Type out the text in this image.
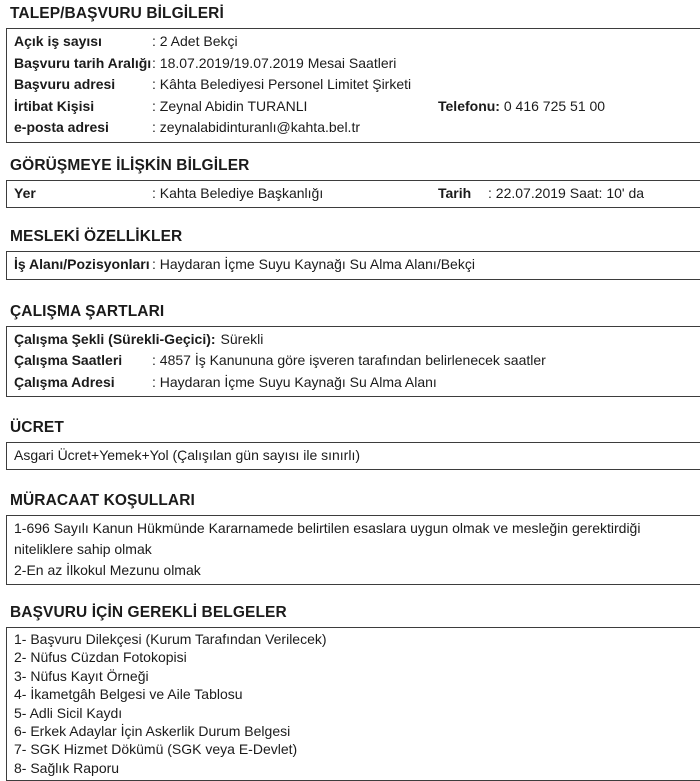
TALEP/BAŞVURU BİLGİLERİ
Açık iş sayısı	: 2 Adet Bekçi
Başvuru tarih Aralığı : 18.07.2019/19.07.2019 Mesai Saatleri
Başvuru adresi	: Kâhta Belediyesi Personel Limitet Şirketi
İrtibat Kişisi	: Zeynal Abidin TURANLI	Telefonu: 0 416 725 51 00
e-posta adresi	: zeynalabidinturanlı@kahta.bel.tr
GÖRÜŞMEYE İLİŞKİN BİLGİLER
Yer	: Kahta Belediye Başkanlığı	Tarih	: 22.07.2019 Saat: 10' da
MESLEKİ ÖZELLİKLER
İş Alanı/Pozisyonları : Haydaran İçme Suyu Kaynağı Su Alma Alanı/Bekçi
ÇALIŞMA ŞARTLARI
Çalışma Şekli (Sürekli-Geçici): Sürekli
Çalışma Saatleri	: 4857 İş Kanununa göre işveren tarafından belirlenecek saatler
Çalışma Adresi	: Haydaran İçme Suyu Kaynağı Su Alma Alanı
ÜCRET
Asgari Ücret+Yemek+Yol (Çalışılan gün sayısı ile sınırlı)
MÜRACAAT KOŞULLARI
1-696 Sayılı Kanun Hükmünde Kararnamede belirtilen esaslara uygun olmak ve mesleğin gerektirdiği niteliklere sahip olmak
2-En az İlkokul Mezunu olmak
BAŞVURU İÇİN GEREKLİ BELGELER
1- Başvuru Dilekçesi (Kurum Tarafından Verilecek)
2- Nüfus Cüzdan Fotokopisi
3- Nüfus Kayıt Örneği
4- İkametgâh Belgesi ve Aile Tablosu
5- Adli Sicil Kaydı
6- Erkek Adaylar İçin Askerlik Durum Belgesi
7- SGK Hizmet Dökümü (SGK veya E-Devlet)
8- Sağlık Raporu
